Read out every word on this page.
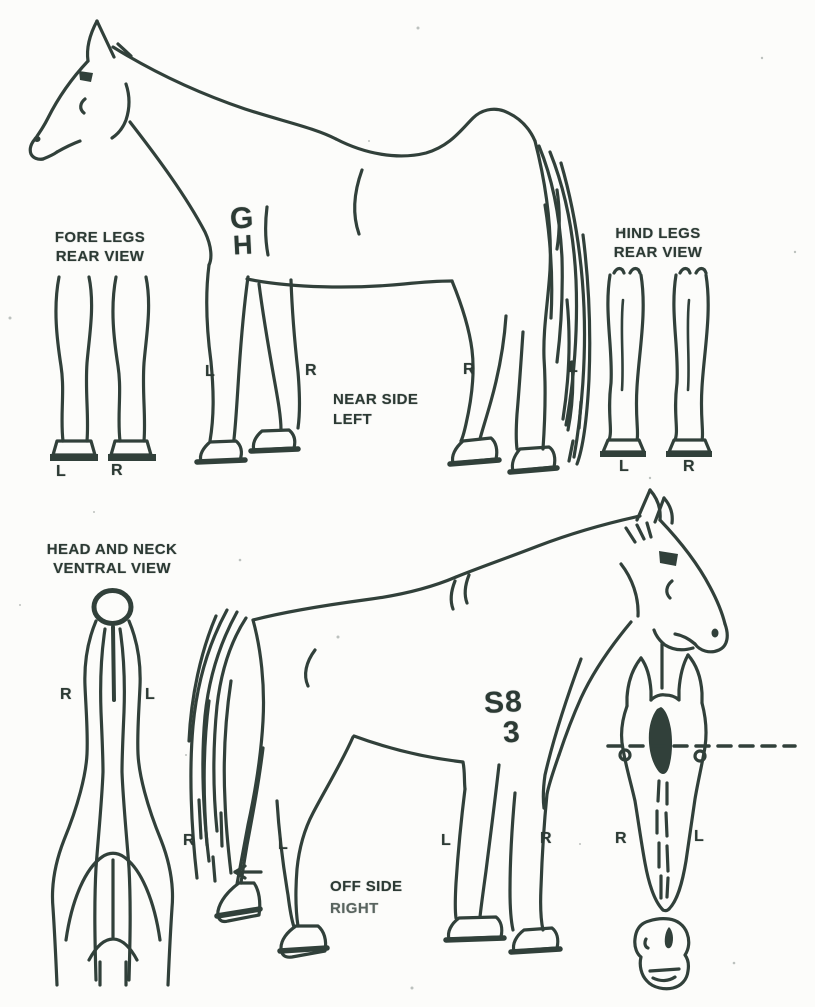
FORE LEGS
REAR VIEW
L	R
HIND LEGS
REAR VIEW
L	R
G
H
L	R	R	L
NEAR SIDE
LEFT
HEAD AND NECK
VENTRAL VIEW
R	L	S8
3
R	L	L	R
OFF SIDE
RIGHT
R	L
